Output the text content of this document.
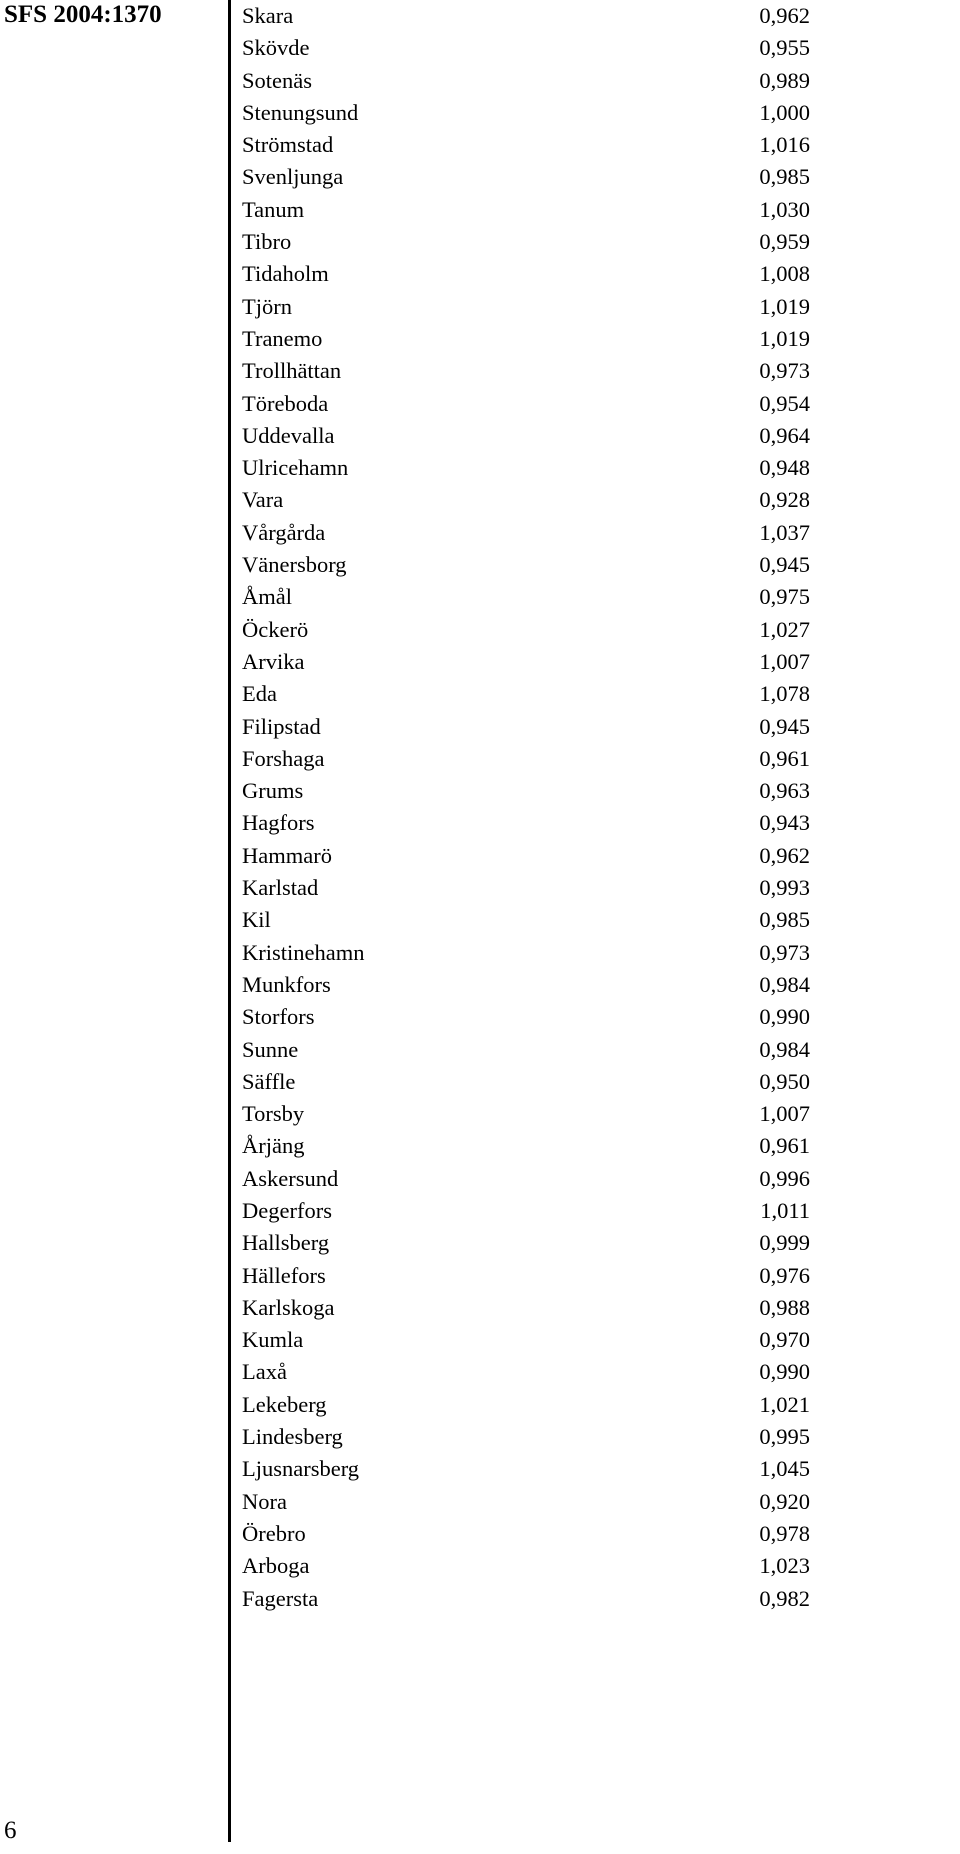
SFS 2004:1370
6
Skara	0,962
Skövde	0,955
Sotenäs	0,989
Stenungsund	1,000
Strömstad	1,016
Svenljunga	0,985
Tanum	1,030
Tibro	0,959
Tidaholm	1,008
Tjörn	1,019
Tranemo	1,019
Trollhättan	0,973
Töreboda	0,954
Uddevalla	0,964
Ulricehamn	0,948
Vara	0,928
Vårgårda	1,037
Vänersborg	0,945
Åmål	0,975
Öckerö	1,027
Arvika	1,007
Eda	1,078
Filipstad	0,945
Forshaga	0,961
Grums	0,963
Hagfors	0,943
Hammarö	0,962
Karlstad	0,993
Kil	0,985
Kristinehamn	0,973
Munkfors	0,984
Storfors	0,990
Sunne	0,984
Säffle	0,950
Torsby	1,007
Årjäng	0,961
Askersund	0,996
Degerfors	1,011
Hallsberg	0,999
Hällefors	0,976
Karlskoga	0,988
Kumla	0,970
Laxå	0,990
Lekeberg	1,021
Lindesberg	0,995
Ljusnarsberg	1,045
Nora	0,920
Örebro	0,978
Arboga	1,023
Fagersta	0,982
